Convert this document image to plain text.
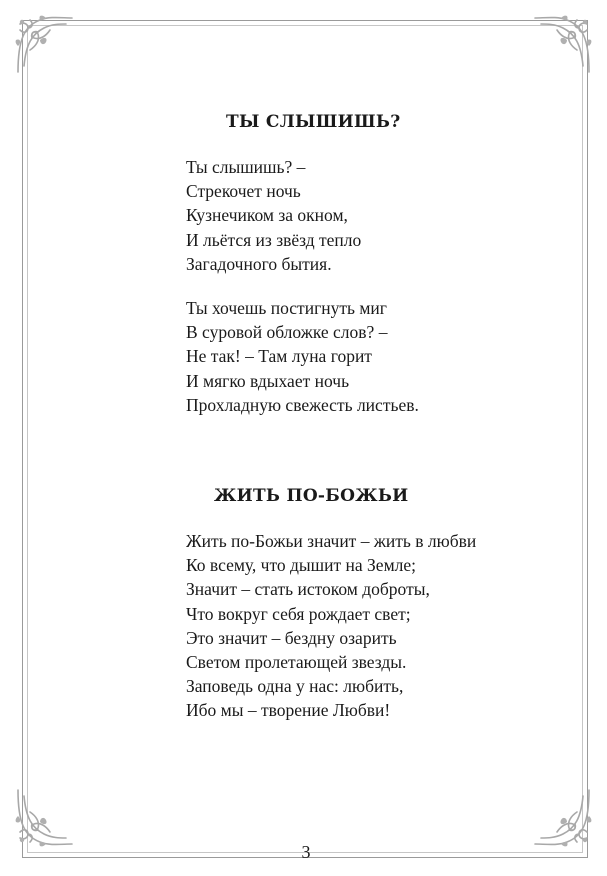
ТЫ СЛЫШИШЬ?
Ты слышишь? –
Стрекочет ночь
Кузнечиком за окном,
И льётся из звёзд тепло
Загадочного бытия.
Ты хочешь постигнуть миг
В суровой обложке слов? –
Не так! – Там луна горит
И мягко вдыхает ночь
Прохладную свежесть листьев.
ЖИТЬ ПО-БОЖЬИ
Жить по-Божьи значит – жить в любви
Ко всему, что дышит на Земле;
Значит – стать истоком доброты,
Что вокруг себя рождает свет;
Это значит – бездну озарить
Светом пролетающей звезды.
Заповедь одна у нас: любить,
Ибо мы – творение Любви!
3
